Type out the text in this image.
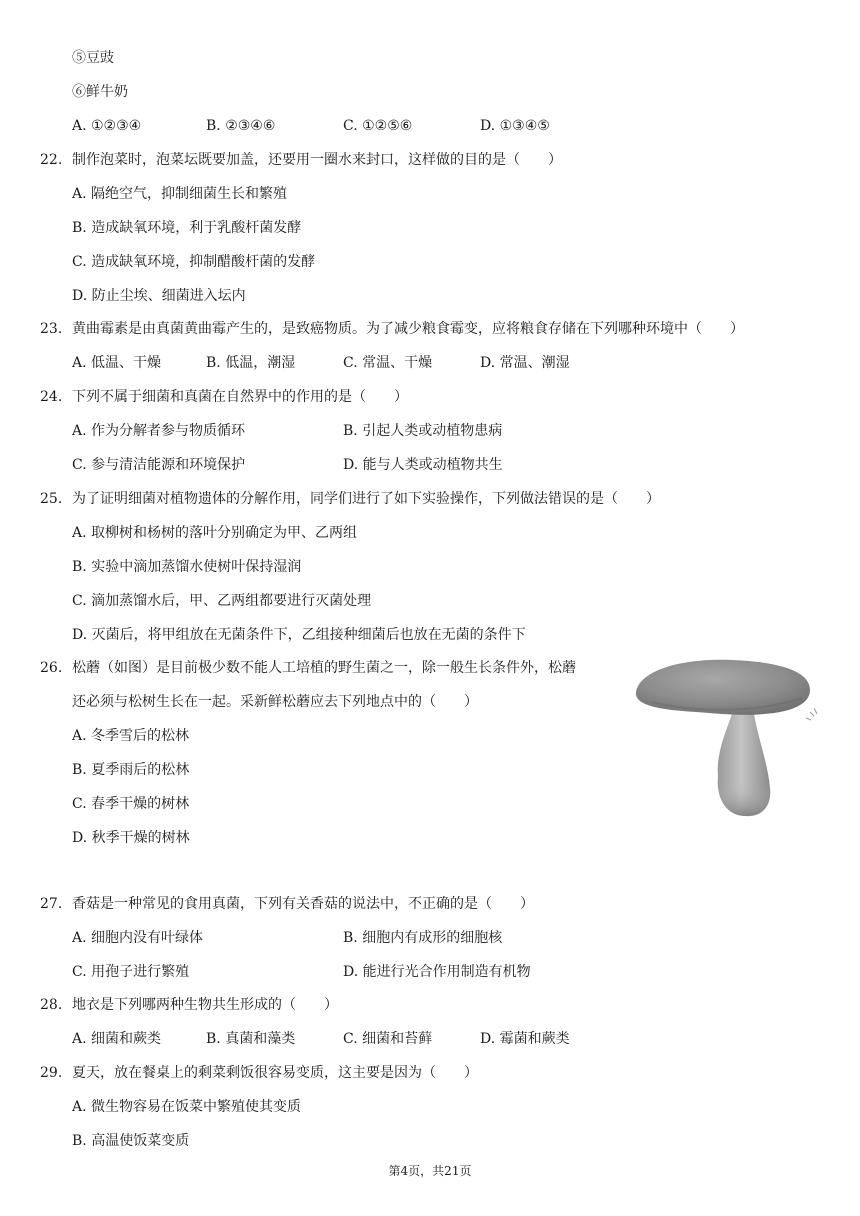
⑤豆豉
⑥鲜牛奶
A. ①②③④	B. ②③④⑥	C. ①②⑤⑥	D. ①③④⑤
22. 制作泡菜时，泡菜坛既要加盖，还要用一圈水来封口，这样做的目的是（　　）
A. 隔绝空气，抑制细菌生长和繁殖
B. 造成缺氧环境，利于乳酸杆菌发酵
C. 造成缺氧环境，抑制醋酸杆菌的发酵
D. 防止尘埃、细菌进入坛内
23. 黄曲霉素是由真菌黄曲霉产生的，是致癌物质。为了减少粮食霉变，应将粮食存储在下列哪种环境中（　　）
A. 低温、干燥	B. 低温，潮湿	C. 常温、干燥	D. 常温、潮湿
24. 下列不属于细菌和真菌在自然界中的作用的是（　　）
A. 作为分解者参与物质循环	B. 引起人类或动植物患病
C. 参与清洁能源和环境保护	D. 能与人类或动植物共生
25. 为了证明细菌对植物遗体的分解作用，同学们进行了如下实验操作，下列做法错误的是（　　）
A. 取柳树和杨树的落叶分别确定为甲、乙两组
B. 实验中滴加蒸馏水使树叶保持湿润
C. 滴加蒸馏水后，甲、乙两组都要进行灭菌处理
D. 灭菌后，将甲组放在无菌条件下，乙组接种细菌后也放在无菌的条件下
26. 松蘑（如图）是目前极少数不能人工培植的野生菌之一，除一般生长条件外，松蘑
还必须与松树生长在一起。采新鲜松蘑应去下列地点中的（　　）
A. 冬季雪后的松林
B. 夏季雨后的松林
C. 春季干燥的树林
D. 秋季干燥的树林
27. 香菇是一种常见的食用真菌，下列有关香菇的说法中，不正确的是（　　）
A. 细胞内没有叶绿体	B. 细胞内有成形的细胞核
C. 用孢子进行繁殖	D. 能进行光合作用制造有机物
28. 地衣是下列哪两种生物共生形成的（　　）
A. 细菌和蕨类	B. 真菌和藻类	C. 细菌和苔藓	D. 霉菌和蕨类
29. 夏天，放在餐桌上的剩菜剩饭很容易变质，这主要是因为（　　）
A. 微生物容易在饭菜中繁殖使其变质
B. 高温使饭菜变质
第4页，共21页
